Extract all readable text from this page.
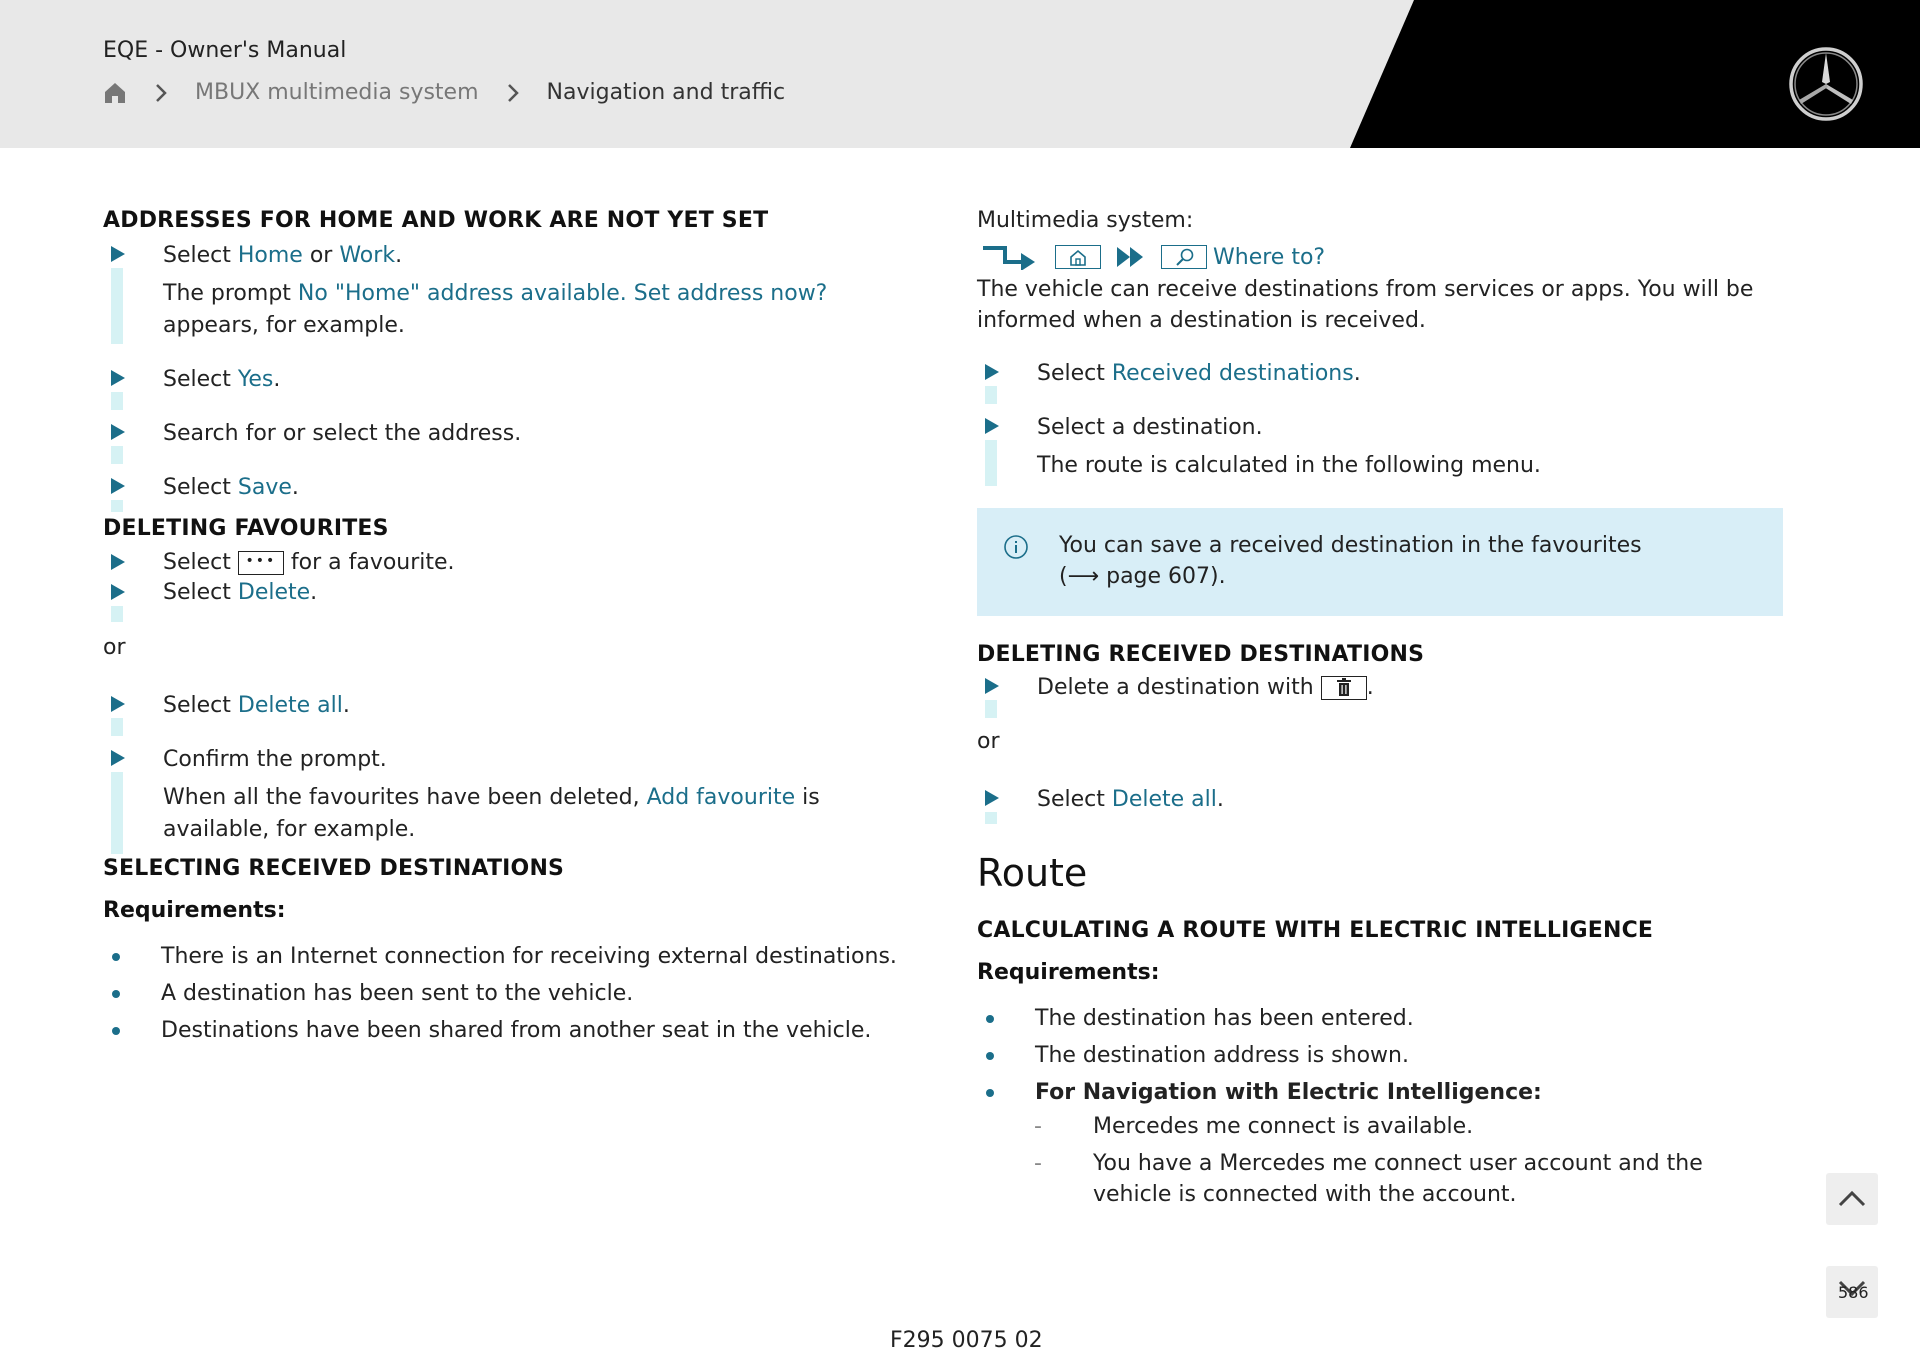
EQE - Owner's Manual
MBUX multimedia system	Navigation and traffic
ADDRESSES FOR HOME AND WORK ARE NOT YET SET
Select Home or Work.
The prompt No "Home" address available. Set address now? appears, for example.
Select Yes.
Search for or select the address.
Select Save.
DELETING FAVOURITES
Select ••• for a favourite.
Select Delete.
or
Select Delete all.
Confirm the prompt.
When all the favourites have been deleted, Add favourite is available, for example.
SELECTING RECEIVED DESTINATIONS
Requirements:
There is an Internet connection for receiving external destinations.
A destination has been sent to the vehicle.
Destinations have been shared from another seat in the vehicle.
Multimedia system:
Where to?
The vehicle can receive destinations from services or apps. You will be informed when a destination is received.
Select Received destinations.
Select a destination.
The route is calculated in the following menu.
You can save a received destination in the favourites
(⟶ page 607).
DELETING RECEIVED DESTINATIONS
Delete a destination with .
or
Select Delete all.
Route
CALCULATING A ROUTE WITH ELECTRIC INTELLIGENCE
Requirements:
The destination has been entered.
The destination address is shown.
For Navigation with Electric Intelligence:
- Mercedes me connect is available.
- You have a Mercedes me connect user account and the vehicle is connected with the account.
586
F295 0075 02
